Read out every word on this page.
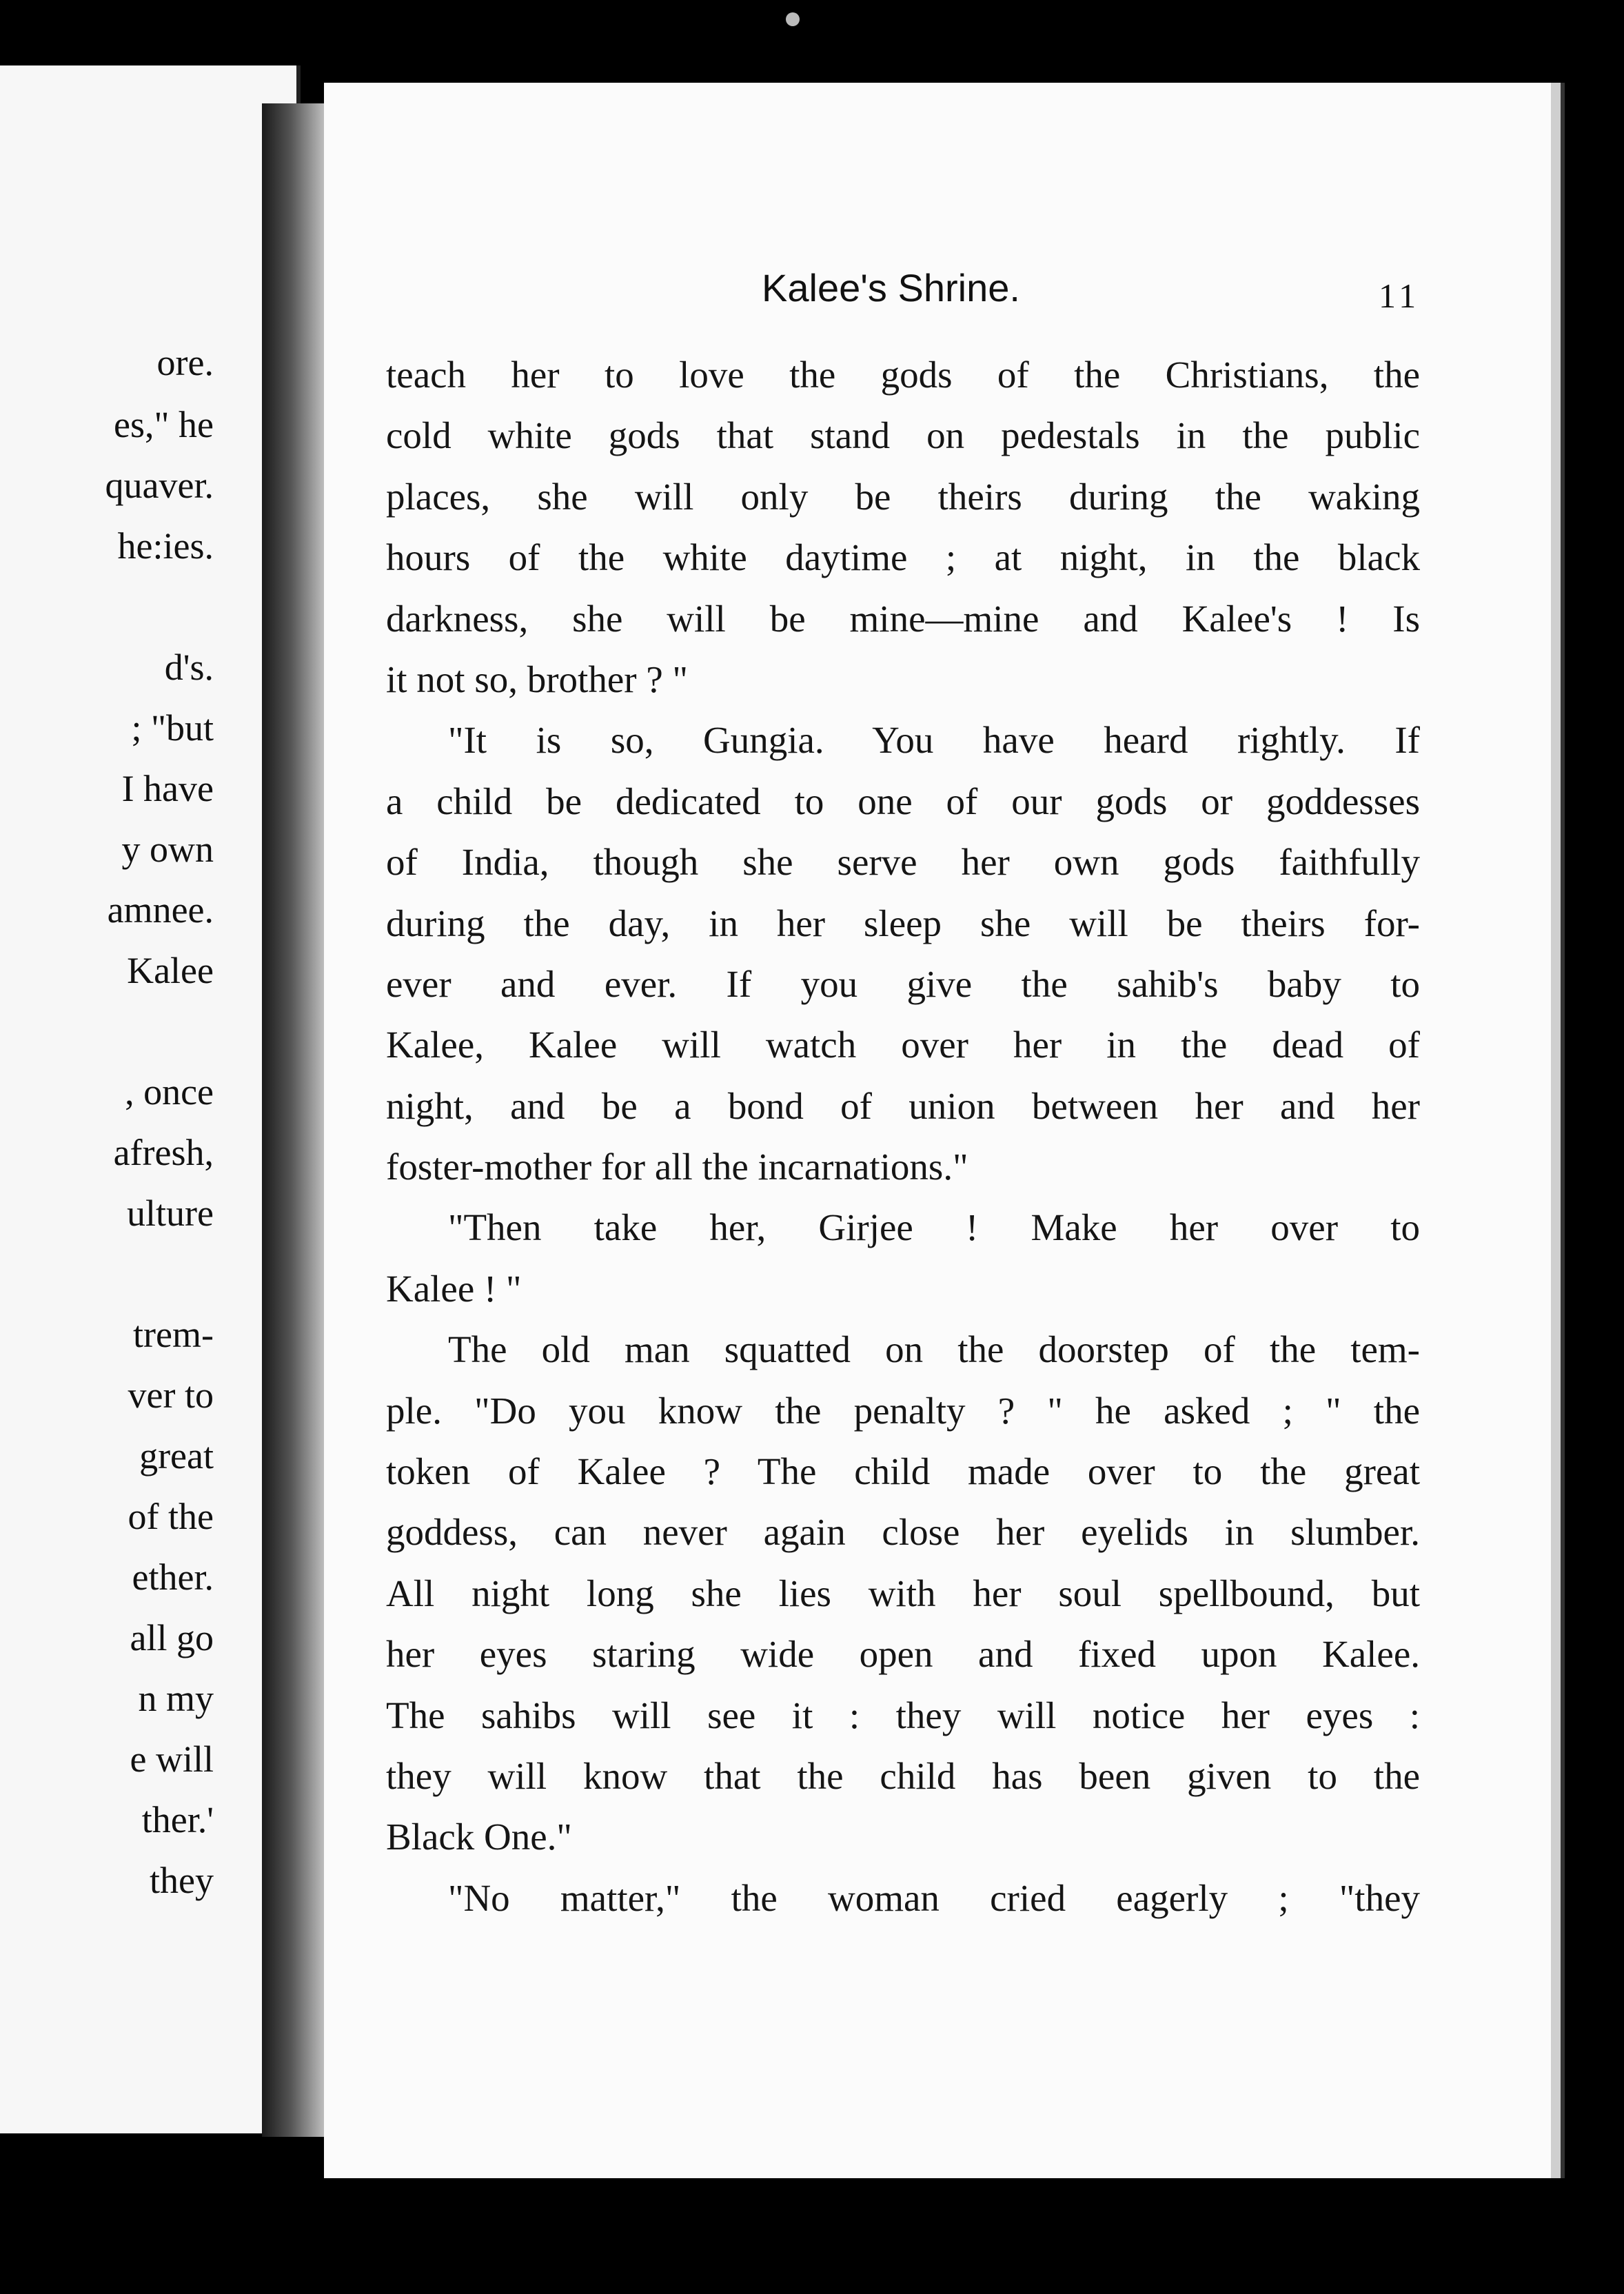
ore.

es," he

quaver.

he:ies.

d's.

; "but

I have

y own

amnee.

Kalee

, once

afresh,

ulture

trem-

ver to

great

of the

ether.

all go

n my

e will

ther.'

they

Kalee's Shrine.	11

teach her to love the gods of the Christians, the

cold white gods that stand on pedestals in the public

places, she will only be theirs during the waking

hours of the white daytime ; at night, in the black

darkness, she will be mine—mine and Kalee's ! Is

it not so, brother ? "

"It is so, Gungia. You have heard rightly. If

a child be dedicated to one of our gods or goddesses

of India, though she serve her own gods faithfully

during the day, in her sleep she will be theirs for-

ever and ever. If you give the sahib's baby to

Kalee, Kalee will watch over her in the dead of

night, and be a bond of union between her and her

foster-mother for all the incarnations."

"Then take her, Girjee ! Make her over to

Kalee ! "

The old man squatted on the doorstep of the tem-

ple. "Do you know the penalty ? " he asked ; " the

token of Kalee ? The child made over to the great

goddess, can never again close her eyelids in slumber.

All night long she lies with her soul spellbound, but

her eyes staring wide open and fixed upon Kalee.

The sahibs will see it : they will notice her eyes :

they will know that the child has been given to the

Black One."

"No matter," the woman cried eagerly ; "they
